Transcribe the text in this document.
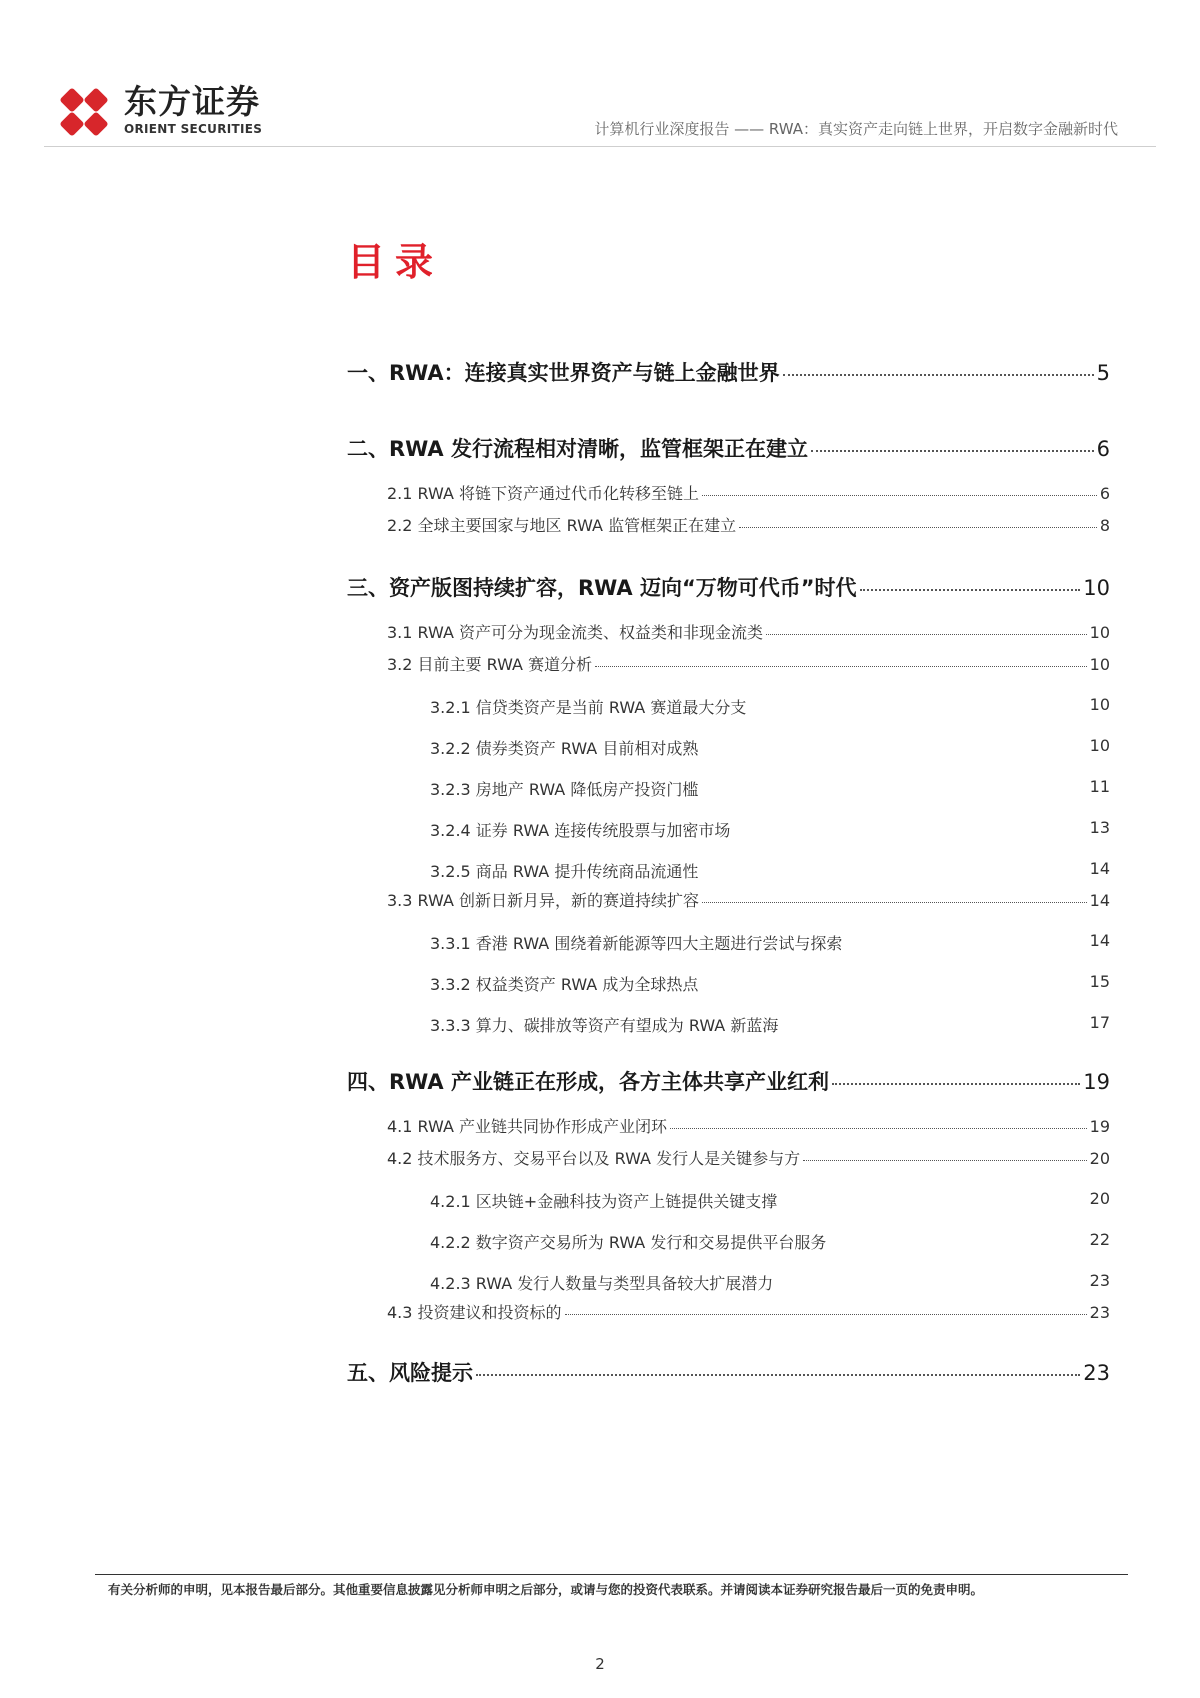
东方证券
ORIENT SECURITIES	计算机行业深度报告 —— RWA：真实资产走向链上世界，开启数字金融新时代
目录
一、RWA：连接真实世界资产与链上金融世界	5
二、RWA 发行流程相对清晰，监管框架正在建立	6
2.1 RWA 将链下资产通过代币化转移至链上	6
2.2 全球主要国家与地区 RWA 监管框架正在建立	8
三、资产版图持续扩容，RWA 迈向“万物可代币”时代	10
3.1 RWA 资产可分为现金流类、权益类和非现金流类	10
3.2 目前主要 RWA 赛道分析	10
3.2.1 信贷类资产是当前 RWA 赛道最大分支	10
3.2.2 债券类资产 RWA 目前相对成熟	10
3.2.3 房地产 RWA 降低房产投资门槛	11
3.2.4 证券 RWA 连接传统股票与加密市场	13
3.2.5 商品 RWA 提升传统商品流通性	14
3.3 RWA 创新日新月异，新的赛道持续扩容	14
3.3.1 香港 RWA 围绕着新能源等四大主题进行尝试与探索	14
3.3.2 权益类资产 RWA 成为全球热点	15
3.3.3 算力、碳排放等资产有望成为 RWA 新蓝海	17
四、RWA 产业链正在形成，各方主体共享产业红利	19
4.1 RWA 产业链共同协作形成产业闭环	19
4.2 技术服务方、交易平台以及 RWA 发行人是关键参与方	20
4.2.1 区块链+金融科技为资产上链提供关键支撑	20
4.2.2 数字资产交易所为 RWA 发行和交易提供平台服务	22
4.2.3 RWA 发行人数量与类型具备较大扩展潜力	23
4.3 投资建议和投资标的	23
五、风险提示	23
有关分析师的申明，见本报告最后部分。其他重要信息披露见分析师申明之后部分，或请与您的投资代表联系。并请阅读本证券研究报告最后一页的免责申明。
2
